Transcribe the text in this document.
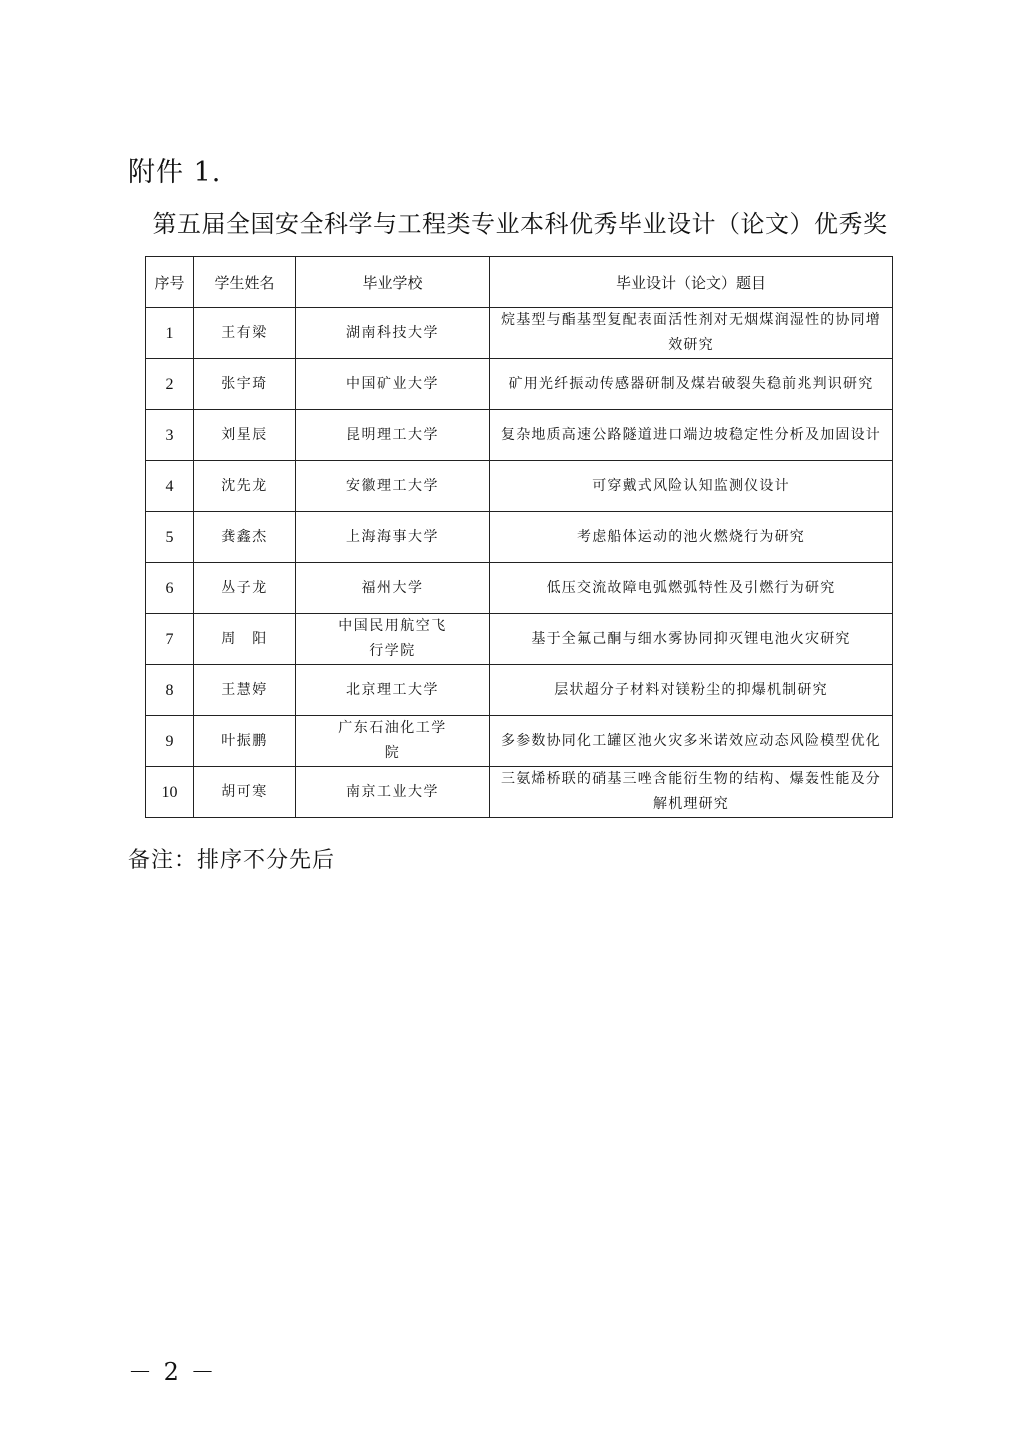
附件 1.
第五届全国安全科学与工程类专业本科优秀毕业设计（论文）优秀奖
序号	学生姓名	毕业学校	毕业设计（论文）题目
1	王有梁	湖南科技大学	烷基型与酯基型复配表面活性剂对无烟煤润湿性的协同增效研究
2	张宇琦	中国矿业大学	矿用光纤振动传感器研制及煤岩破裂失稳前兆判识研究
3	刘星辰	昆明理工大学	复杂地质高速公路隧道进口端边坡稳定性分析及加固设计
4	沈先龙	安徽理工大学	可穿戴式风险认知监测仪设计
5	龚鑫杰	上海海事大学	考虑船体运动的池火燃烧行为研究
6	丛子龙	福州大学	低压交流故障电弧燃弧特性及引燃行为研究
7	周　阳	中国民用航空飞行学院	基于全氟己酮与细水雾协同抑灭锂电池火灾研究
8	王慧婷	北京理工大学	层状超分子材料对镁粉尘的抑爆机制研究
9	叶振鹏	广东石油化工学院	多参数协同化工罐区池火灾多米诺效应动态风险模型优化
10	胡可寒	南京工业大学	三氨烯桥联的硝基三唑含能衍生物的结构、爆轰性能及分解机理研究
备注：排序不分先后
－ 2 －
